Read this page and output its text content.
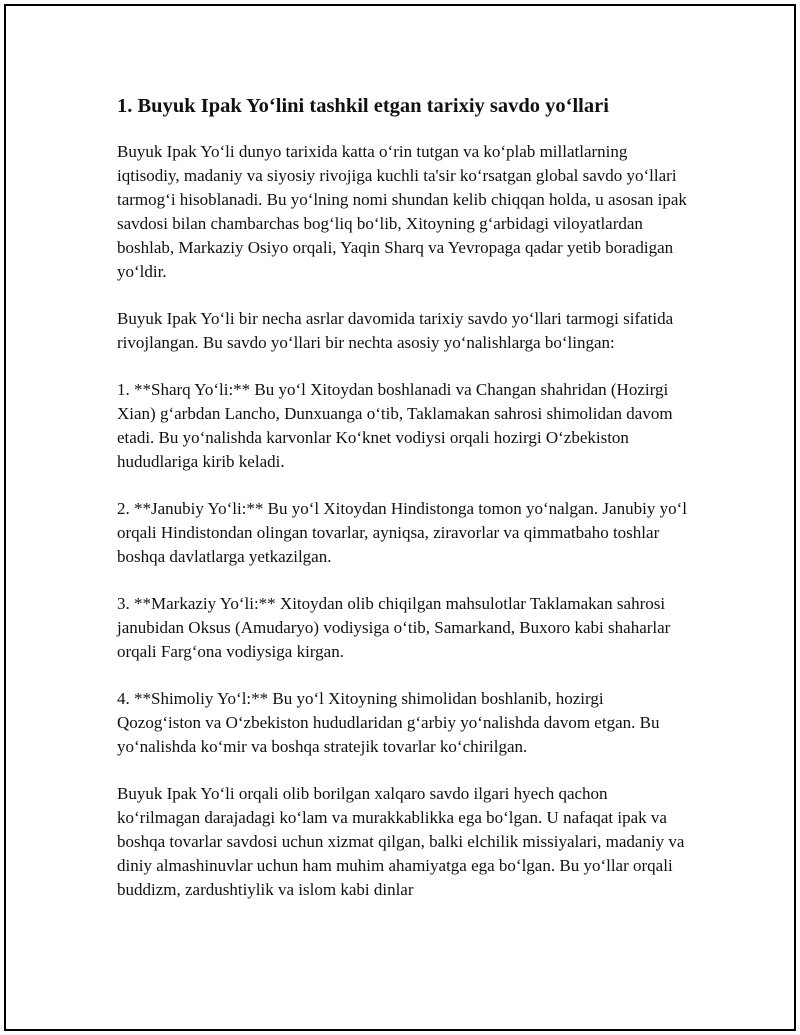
1. Buyuk Ipak Yo‘lini tashkil etgan tarixiy savdo yo‘llari

Buyuk Ipak Yo‘li dunyo tarixida katta o‘rin tutgan va ko‘plab millatlarning iqtisodiy, madaniy va siyosiy rivojiga kuchli ta'sir ko‘rsatgan global savdo yo‘llari tarmog‘i hisoblanadi. Bu yo‘lning nomi shundan kelib chiqqan holda, u asosan ipak savdosi bilan chambarchas bog‘liq bo‘lib, Xitoyning g‘arbidagi viloyatlardan boshlab, Markaziy Osiyo orqali, Yaqin Sharq va Yevropaga qadar yetib boradigan yo‘ldir.

Buyuk Ipak Yo‘li bir necha asrlar davomida tarixiy savdo yo‘llari tarmogi sifatida rivojlangan. Bu savdo yo‘llari bir nechta asosiy yo‘nalishlarga bo‘lingan:

1. **Sharq Yo‘li:** Bu yo‘l Xitoydan boshlanadi va Changan shahridan (Hozirgi Xian) g‘arbdan Lancho, Dunxuanga o‘tib, Taklamakan sahrosi shimolidan davom etadi. Bu yo‘nalishda karvonlar Ko‘knet vodiysi orqali hozirgi O‘zbekiston hududlariga kirib keladi.

2. **Janubiy Yo‘li:** Bu yo‘l Xitoydan Hindistonga tomon yo‘nalgan. Janubiy yo‘l orqali Hindistondan olingan tovarlar, ayniqsa, ziravorlar va qimmatbaho toshlar boshqa davlatlarga yetkazilgan.

3. **Markaziy Yo‘li:** Xitoydan olib chiqilgan mahsulotlar Taklamakan sahrosi janubidan Oksus (Amudaryo) vodiysiga o‘tib, Samarkand, Buxoro kabi shaharlar orqali Farg‘ona vodiysiga kirgan.

4. **Shimoliy Yo‘l:** Bu yo‘l Xitoyning shimolidan boshlanib, hozirgi Qozog‘iston va O‘zbekiston hududlaridan g‘arbiy yo‘nalishda davom etgan. Bu yo‘nalishda ko‘mir va boshqa stratejik tovarlar ko‘chirilgan.

Buyuk Ipak Yo‘li orqali olib borilgan xalqaro savdo ilgari hyech qachon ko‘rilmagan darajadagi ko‘lam va murakkablikka ega bo‘lgan. U nafaqat ipak va boshqa tovarlar savdosi uchun xizmat qilgan, balki elchilik missiyalari, madaniy va diniy almashinuvlar uchun ham muhim ahamiyatga ega bo‘lgan. Bu yo‘llar orqali buddizm, zardushtiylik va islom kabi dinlar
